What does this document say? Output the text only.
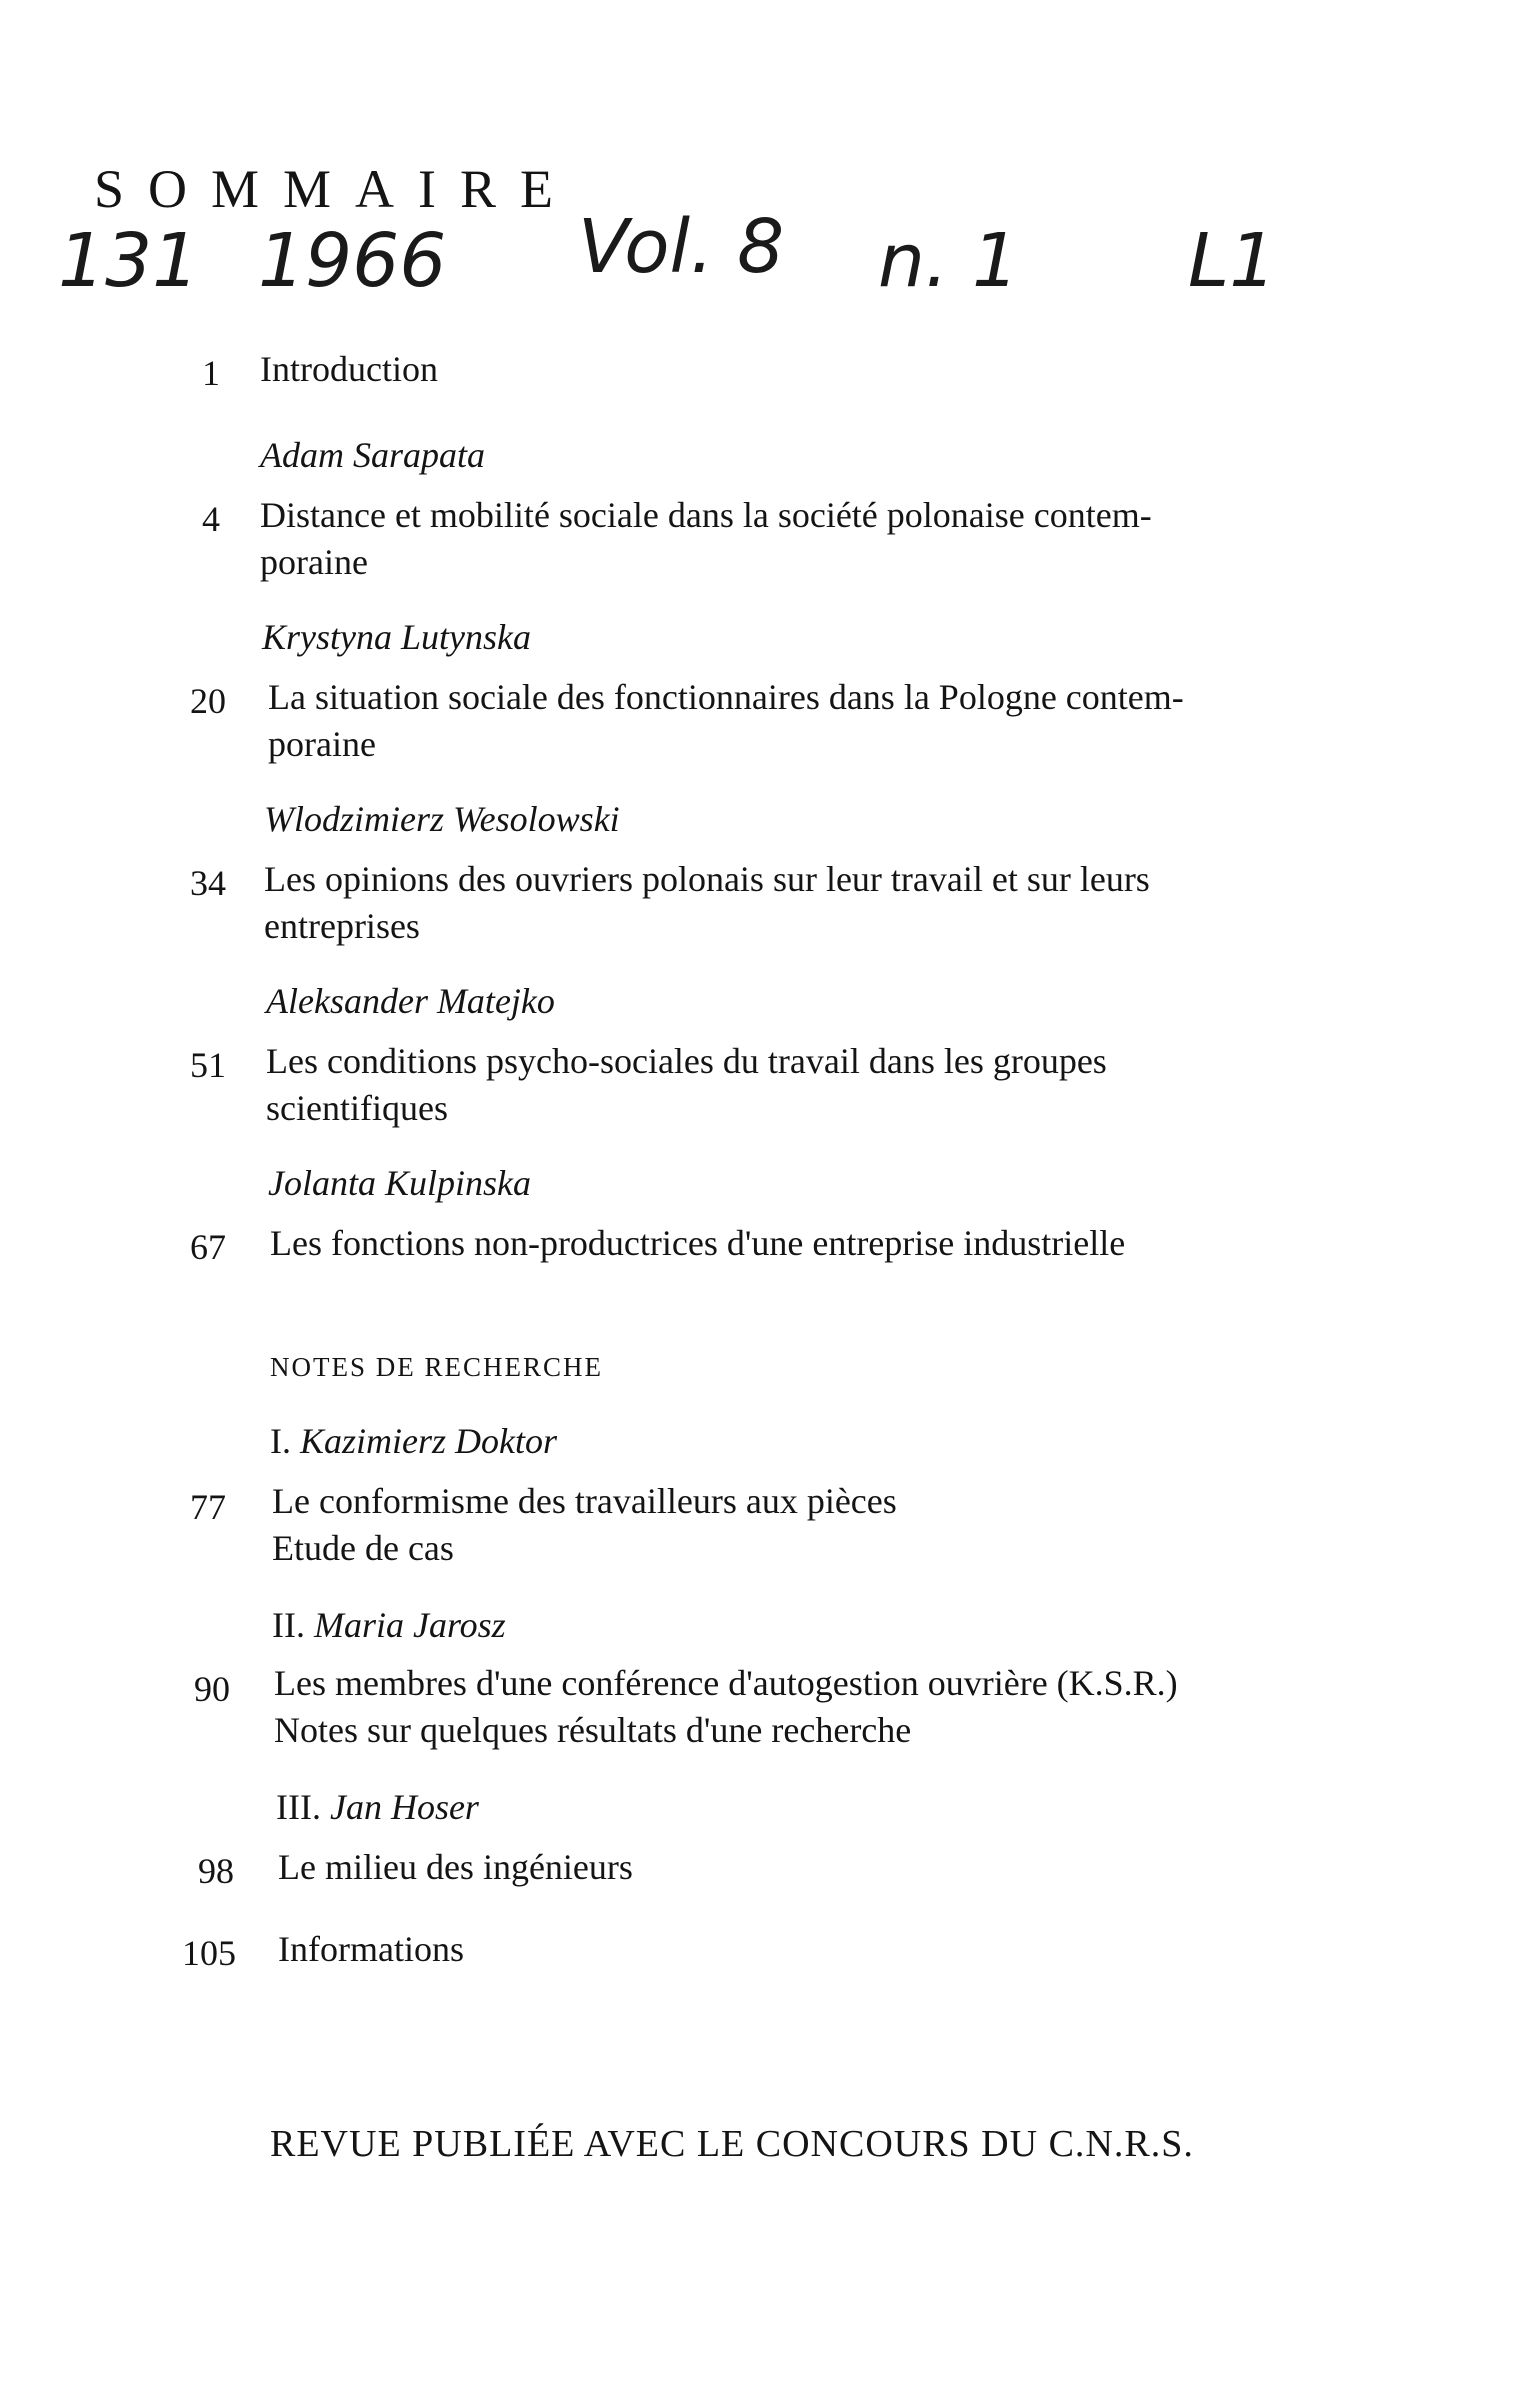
SOMMAIRE
131 1966 Vol. 8 n. 1 L1
1 Introduction
Adam Sarapata
4 Distance et mobilité sociale dans la société polonaise contem-
poraine
Krystyna Lutynska
20 La situation sociale des fonctionnaires dans la Pologne contem-
poraine
Wlodzimierz Wesolowski
34 Les opinions des ouvriers polonais sur leur travail et sur leurs
entreprises
Aleksander Matejko
51 Les conditions psycho-sociales du travail dans les groupes
scientifiques
Jolanta Kulpinska
67 Les fonctions non-productrices d'une entreprise industrielle
NOTES DE RECHERCHE
I. Kazimierz Doktor
77 Le conformisme des travailleurs aux pièces
Etude de cas
II. Maria Jarosz
90 Les membres d'une conférence d'autogestion ouvrière (K.S.R.)
Notes sur quelques résultats d'une recherche
III. Jan Hoser
98 Le milieu des ingénieurs
105 Informations
REVUE PUBLIÉE AVEC LE CONCOURS DU C.N.R.S.
